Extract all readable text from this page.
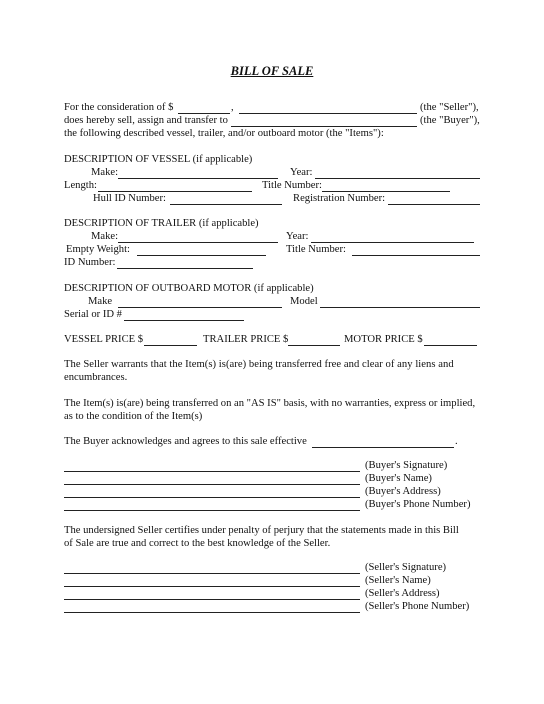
BILL OF SALE
For the consideration of $	,	(the "Seller"),
does hereby sell, assign and transfer to	(the "Buyer"),
the following described vessel, trailer, and/or outboard motor (the "Items"):
DESCRIPTION OF VESSEL (if applicable)
Make:	Year:
Length:	Title Number:
Hull ID Number:	Registration Number:
DESCRIPTION OF TRAILER (if applicable)
Make:	Year:
Empty Weight:	Title Number:
ID Number:
DESCRIPTION OF OUTBOARD MOTOR (if applicable)
Make	Model
Serial or ID #
VESSEL PRICE $	TRAILER PRICE $	MOTOR PRICE $
The Seller warrants that the Item(s) is(are) being transferred free and clear of any liens and
encumbrances.
The Item(s) is(are) being transferred on an "AS IS" basis, with no warranties, express or implied,
as to the condition of the Item(s)
The Buyer acknowledges and agrees to this sale effective	.
(Buyer's Signature)
(Buyer's Name)
(Buyer's Address)
(Buyer's Phone Number)
The undersigned Seller certifies under penalty of perjury that the statements made in this Bill
of Sale are true and correct to the best knowledge of the Seller.
(Seller's Signature)
(Seller's Name)
(Seller's Address)
(Seller's Phone Number)
